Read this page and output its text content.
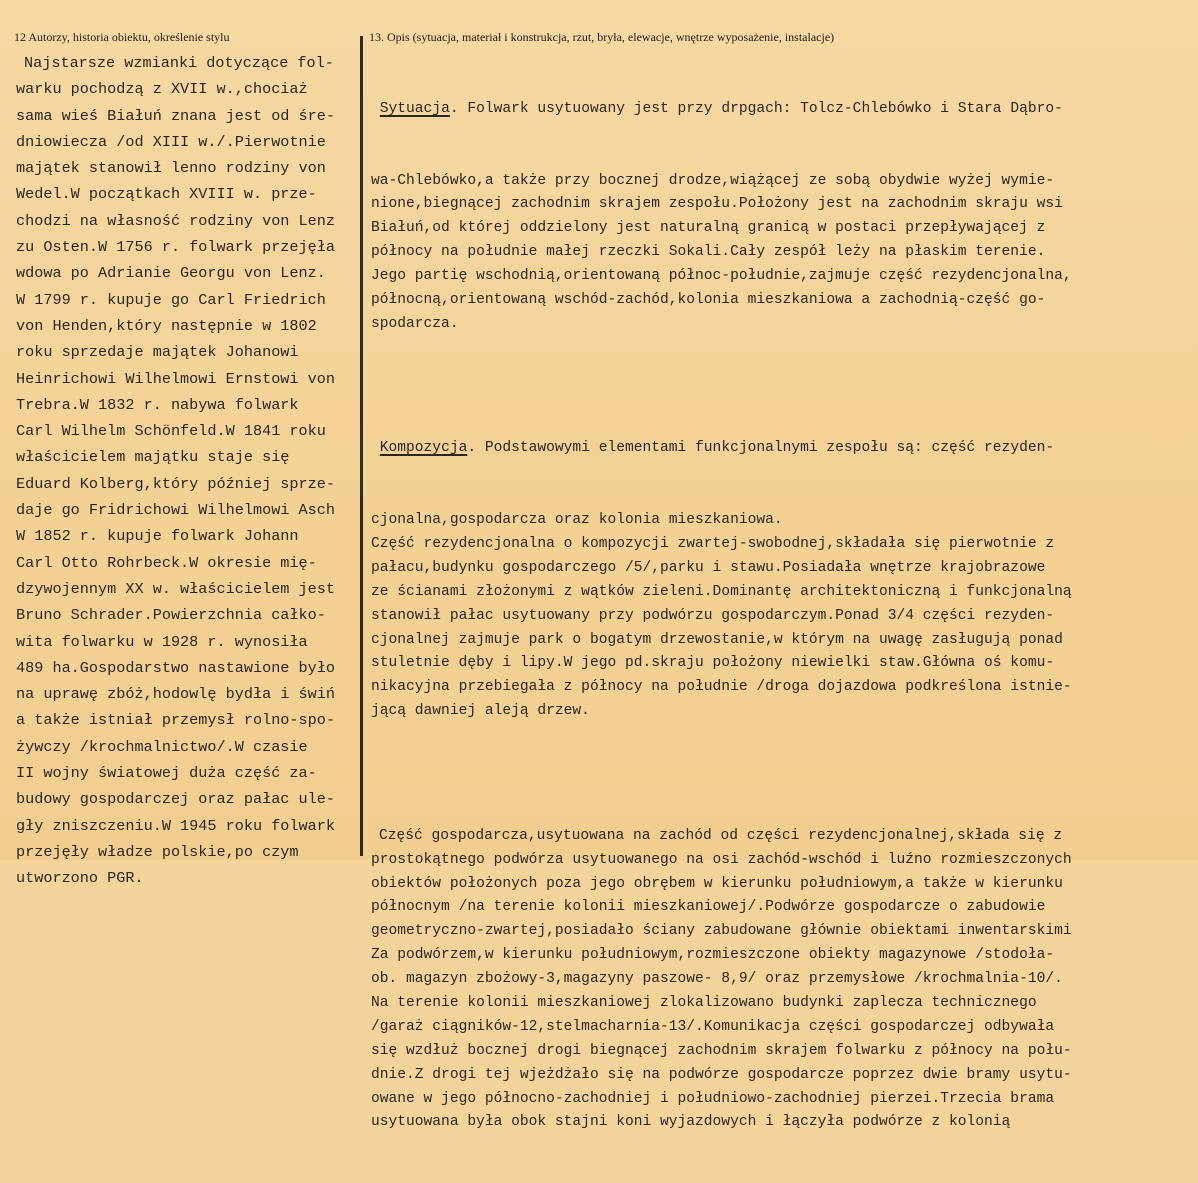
12 Autorzy, historia obiektu, określenie stylu	13. Opis (sytuacja, materiał i konstrukcja, rzut, bryła, elewacje, wnętrze wyposażenie, instalacje)
Najstarsze wzmianki dotyczące fol-
warku pochodzą z XVII w.,chociaż
sama wieś Białuń znana jest od śre-
dniowiecza /od XIII w./.Pierwotnie
majątek stanowił lenno rodziny von
Wedel.W początkach XVIII w. prze-
chodzi na własność rodziny von Lenz
zu Osten.W 1756 r. folwark przejęła
wdowa po Adrianie Georgu von Lenz.
W 1799 r. kupuje go Carl Friedrich
von Henden,który następnie w 1802
roku sprzedaje majątek Johanowi
Heinrichowi Wilhelmowi Ernstowi von
Trebra.W 1832 r. nabywa folwark
Carl Wilhelm Schönfeld.W 1841 roku
właścicielem majątku staje się
Eduard Kolberg,który później sprze-
daje go Fridrichowi Wilhelmowi Asch
W 1852 r. kupuje folwark Johann
Carl Otto Rohrbeck.W okresie mię-
dzywojennym XX w. właścicielem jest
Bruno Schrader.Powierzchnia całko-
wita folwarku w 1928 r. wynosiła
489 ha.Gospodarstwo nastawione było
na uprawę zbóż,hodowlę bydła i świń
a także istniał przemysł rolno-spo-
żywczy /krochmalnictwo/.W czasie
II wojny światowej duża część za-
budowy gospodarczej oraz pałac ule-
gły zniszczeniu.W 1945 roku folwark
przejęły władze polskie,po czym
utworzono PGR.

Sytuacja. Folwark usytuowany jest przy drpgach: Tolcz-Chlebówko i Stara Dąbro-

wa-Chlebówko,a także przy bocznej drodze,wiążącej ze sobą obydwie wyżej wymie-
nione,biegnącej zachodnim skrajem zespołu.Położony jest na zachodnim skraju wsi
Białuń,od której oddzielony jest naturalną granicą w postaci przepływającej z
północy na południe małej rzeczki Sokali.Cały zespół leży na płaskim terenie.
Jego partię wschodnią,orientowaną północ-południe,zajmuje część rezydencjonalna,
północną,orientowaną wschód-zachód,kolonia mieszkaniowa a zachodnią-część go-
spodarcza.

Kompozycja. Podstawowymi elementami funkcjonalnymi zespołu są: część rezyden-

cjonalna,gospodarcza oraz kolonia mieszkaniowa.
Część rezydencjonalna o kompozycji zwartej-swobodnej,składała się pierwotnie z
pałacu,budynku gospodarczego /5/,parku i stawu.Posiadała wnętrze krajobrazowe
ze ścianami złożonymi z wątków zieleni.Dominantę architektoniczną i funkcjonalną
stanowił pałac usytuowany przy podwórzu gospodarczym.Ponad 3/4 części rezyden-
cjonalnej zajmuje park o bogatym drzewostanie,w którym na uwagę zasługują ponad
stuletnie dęby i lipy.W jego pd.skraju położony niewielki staw.Główna oś komu-
nikacyjna przebiegała z północy na południe /droga dojazdowa podkreślona istnie-
jącą dawniej aleją drzew.

Część gospodarcza,usytuowana na zachód od części rezydencjonalnej,składa się z
prostokątnego podwórza usytuowanego na osi zachód-wschód i luźno rozmieszczonych
obiektów położonych poza jego obrębem w kierunku południowym,a także w kierunku
północnym /na terenie kolonii mieszkaniowej/.Podwórze gospodarcze o zabudowie
geometryczno-zwartej,posiadało ściany zabudowane głównie obiektami inwentarskimi
Za podwórzem,w kierunku południowym,rozmieszczone obiekty magazynowe /stodoła-
ob. magazyn zbożowy-3,magazyny paszowe- 8,9/ oraz przemysłowe /krochmalnia-10/.
Na terenie kolonii mieszkaniowej zlokalizowano budynki zaplecza technicznego
/garaż ciągników-12,stelmacharnia-13/.Komunikacja części gospodarczej odbywała
się wzdłuż bocznej drogi biegnącej zachodnim skrajem folwarku z północy na połu-
dnie.Z drogi tej wjeżdżało się na podwórze gospodarcze poprzez dwie bramy usytu-
owane w jego północno-zachodniej i południowo-zachodniej pierzei.Trzecia brama
usytuowana była obok stajni koni wyjazdowych i łączyła podwórze z kolonią
